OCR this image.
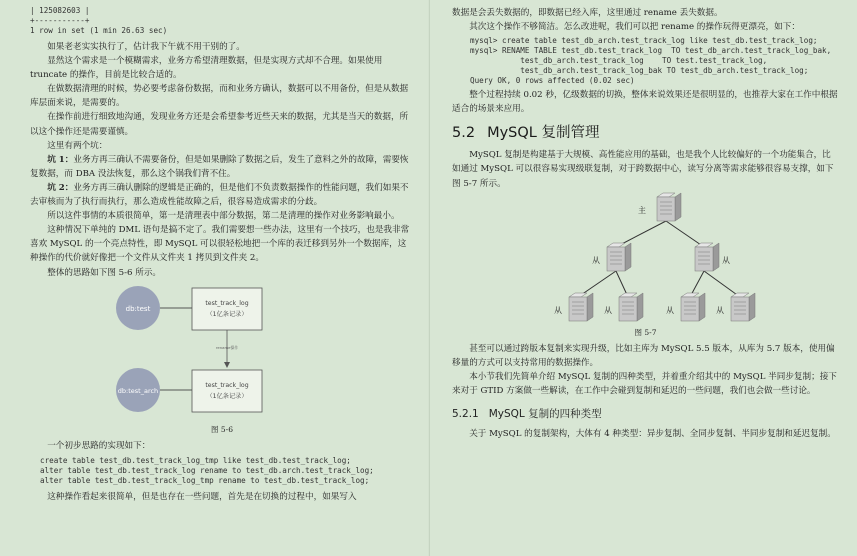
| 125082603 |
+-----------+
1 row in set (1 min 26.63 sec)

如果老老实实执行了，估计我下午就不用干别的了。

显然这个需求是一个模糊需求，业务方希望清理数据，但是实现方式却不合理。如果使用 truncate 的操作，目前是比较合适的。

在做数据清理的时候，势必要考虑备份数据，而和业务方确认，数据可以不用备份，但是从数据库层面来说，是需要的。

在操作前进行细致地沟通，发现业务方还是会希望参考近些天来的数据，尤其是当天的数据，所以这个操作还是需要谨慎。

这里有两个坑：

坑 1：业务方再三确认不需要备份，但是如果删除了数据之后，发生了意料之外的故障，需要恢复数据，而 DBA 没法恢复，那么这个锅我们背不住。

坑 2：业务方再三确认删除的逻辑是正确的，但是他们不负责数据操作的性能问题，我们如果不去审核而为了执行而执行，那么造成性能故障之后，很容易造成需求的分歧。

所以这件事情的本质很简单，第一是清理表中部分数据，第二是清理的操作对业务影响最小。

这种情况下单纯的 DML 语句是搞不定了。我们需要想一些办法，这里有一个技巧，也是我非常喜欢 MySQL 的一个亮点特性，即 MySQL 可以很轻松地把一个库的表迁移到另外一个数据库，这种操作的代价就好像把一个文件从文件夹 1 拷贝到文件夹 2。

整体的思路如下图 5-6 所示。

db:test
test_track_log
（1亿条记录）
rename操作
db:test_arch
test_track_log
（1亿条记录）
图 5-6

一个初步思路的实现如下：

create table test_db.test_track_log_tmp like test_db.test_track_log;
alter table test_db.test_track_log rename to test_db.arch.test_track_log;
alter table test_db.test_track_log_tmp rename to test_db.test_track_log;

这种操作看起来很简单，但是也存在一些问题，首先是在切换的过程中，如果写入

数据是会丢失数据的，即数据已经入库，这里通过 rename 丢失数据。

其次这个操作不够简洁。怎么改进呢，我们可以把 rename 的操作玩得更漂亮，如下：

mysql> create table test_db_arch.test_track_log like test_db.test_track_log;
mysql> RENAME TABLE test_db.test_track_log  TO test_db_arch.test_track_log_bak,
test_db_arch.test_track_log    TO test.test_track_log,
test_db_arch.test_track_log_bak TO test_db_arch.test_track_log;
Query OK, 0 rows affected (0.02 sec)

整个过程持续 0.02 秒，亿级数据的切换，整体来说效果还是很明显的，也推荐大家在工作中根据适合的场景来应用。

5.2 MySQL 复制管理

MySQL 复制是构建基于大规模、高性能应用的基础，也是我个人比较偏好的一个功能集合，比如通过 MySQL 可以很容易实现级联复制，对于跨数据中心，读写分离等需求能够很容易支撑，如下图 5-7 所示。

主
从	从
从	从	从	从
图 5-7

甚至可以通过跨版本复制来实现升级，比如主库为 MySQL 5.5 版本，从库为 5.7 版本，使用偏移量的方式可以支持常用的数据操作。

本小节我们先简单介绍 MySQL 复制的四种类型，并着重介绍其中的 MySQL 半同步复制；接下来对于 GTID 方案做一些解读，在工作中会碰到复制和延迟的一些问题，我们也会做一些讨论。

5.2.1 MySQL 复制的四种类型

关于 MySQL 的复制架构，大体有 4 种类型：异步复制、全同步复制、半同步复制和延迟复制。
